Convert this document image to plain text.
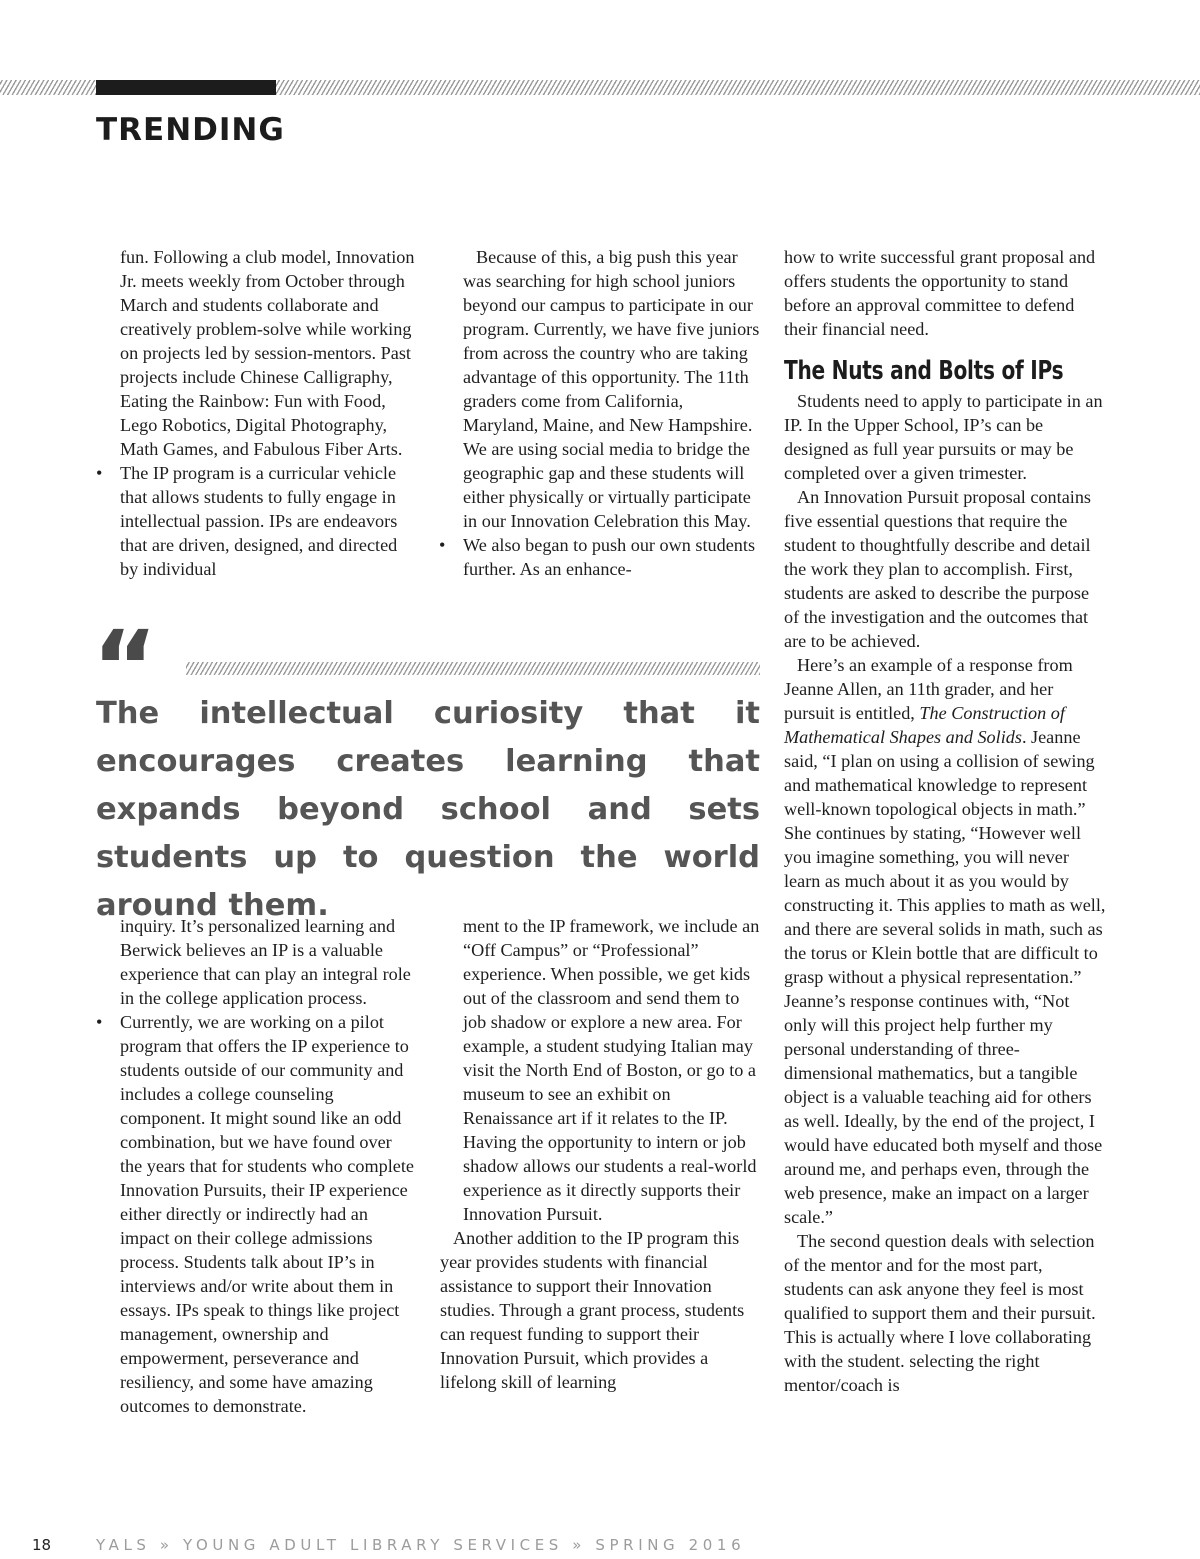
TRENDING

fun. Following a club model, Innovation Jr. meets weekly from October through March and students collaborate and creatively problem-solve while working on projects led by session-mentors. Past projects include Chinese Calligraphy, Eating the Rainbow: Fun with Food, Lego Robotics, Digital Photography, Math Games, and Fabulous Fiber Arts.

• The IP program is a curricular vehicle that allows students to fully engage in intellectual passion. IPs are endeavors that are driven, designed, and directed by individual

Because of this, a big push this year was searching for high school juniors beyond our campus to participate in our program. Currently, we have five juniors from across the country who are taking advantage of this opportunity. The 11th graders come from California, Maryland, Maine, and New Hampshire. We are using social media to bridge the geographic gap and these students will either physically or virtually participate in our Innovation Celebration this May.

• We also began to push our own students further. As an enhance-
“

The intellectual curiosity that it encourages creates learning that expands beyond school and sets students up to question the world around them.

inquiry. It’s personalized learning and Berwick believes an IP is a valuable experience that can play an integral role in the college application process.

• Currently, we are working on a pilot program that offers the IP experience to students outside of our community and includes a college counseling component. It might sound like an odd combination, but we have found over the years that for students who complete Innovation Pursuits, their IP experience either directly or indirectly had an impact on their college admissions process. Students talk about IP’s in interviews and/or write about them in essays. IPs speak to things like project management, ownership and empowerment, perseverance and resiliency, and some have amazing outcomes to demonstrate.

ment to the IP framework, we include an “Off Campus” or “Professional” experience. When possible, we get kids out of the classroom and send them to job shadow or explore a new area. For example, a student studying Italian may visit the North End of Boston, or go to a museum to see an exhibit on Renaissance art if it relates to the IP. Having the opportunity to intern or job shadow allows our students a real-world experience as it directly supports their Innovation Pursuit.

Another addition to the IP program this year provides students with financial assistance to support their Innovation studies. Through a grant process, students can request funding to support their Innovation Pursuit, which provides a lifelong skill of learning

how to write successful grant proposal and offers students the opportunity to stand before an approval committee to defend their financial need.

The Nuts and Bolts of IPs

Students need to apply to participate in an IP. In the Upper School, IP’s can be designed as full year pursuits or may be completed over a given trimester.

An Innovation Pursuit proposal contains five essential questions that require the student to thoughtfully describe and detail the work they plan to accomplish. First, students are asked to describe the purpose of the investigation and the outcomes that are to be achieved.

Here’s an example of a response from Jeanne Allen, an 11th grader, and her pursuit is entitled, The Construction of Mathematical Shapes and Solids. Jeanne said, “I plan on using a collision of sewing and mathematical knowledge to represent well-known topological objects in math.” She continues by stating, “However well you imagine something, you will never learn as much about it as you would by constructing it. This applies to math as well, and there are several solids in math, such as the torus or Klein bottle that are difficult to grasp without a physical representation.” Jeanne’s response continues with, “Not only will this project help further my personal understanding of three-dimensional mathematics, but a tangible object is a valuable teaching aid for others as well. Ideally, by the end of the project, I would have educated both myself and those around me, and perhaps even, through the web presence, make an impact on a larger scale.”

The second question deals with selection of the mentor and for the most part, students can ask anyone they feel is most qualified to support them and their pursuit. This is actually where I love collaborating with the student. selecting the right mentor/coach is

18	YALS » YOUNG ADULT LIBRARY SERVICES » SPRING 2016
